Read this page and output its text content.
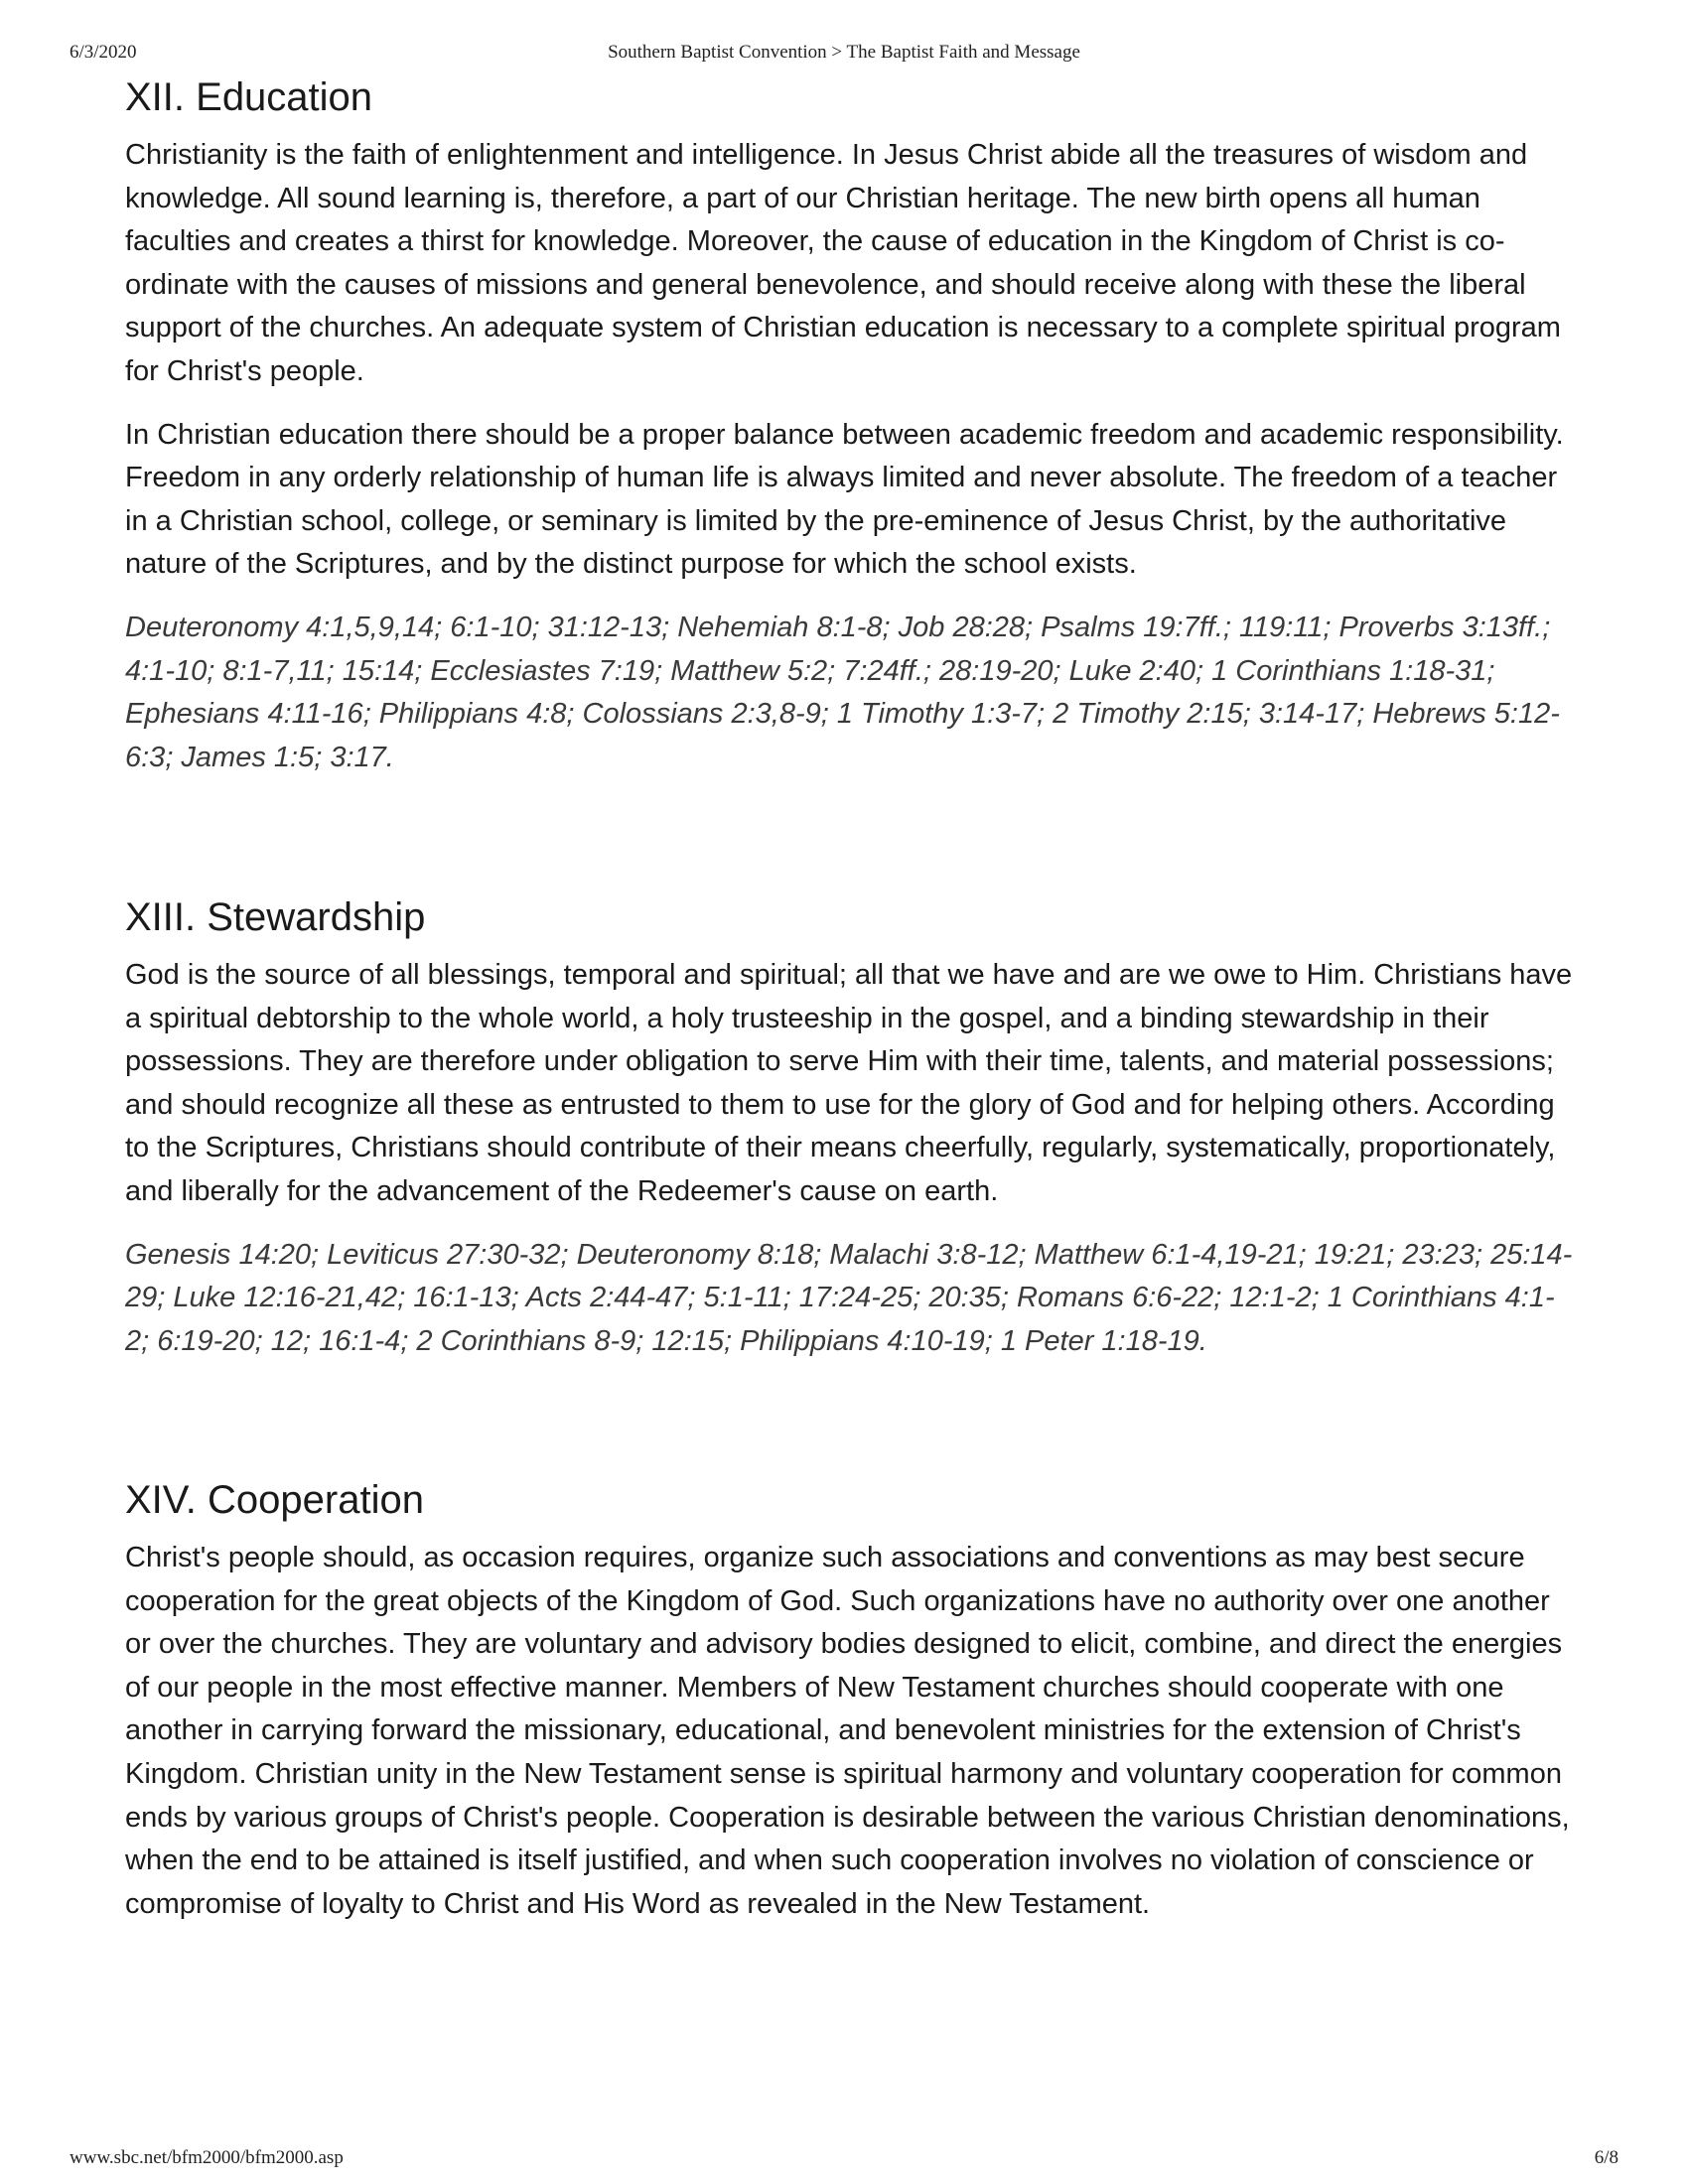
6/3/2020	Southern Baptist Convention > The Baptist Faith and Message
XII. Education

Christianity is the faith of enlightenment and intelligence. In Jesus Christ abide all the treasures of wisdom and knowledge. All sound learning is, therefore, a part of our Christian heritage. The new birth opens all human faculties and creates a thirst for knowledge. Moreover, the cause of education in the Kingdom of Christ is co-ordinate with the causes of missions and general benevolence, and should receive along with these the liberal support of the churches. An adequate system of Christian education is necessary to a complete spiritual program for Christ's people.

In Christian education there should be a proper balance between academic freedom and academic responsibility. Freedom in any orderly relationship of human life is always limited and never absolute. The freedom of a teacher in a Christian school, college, or seminary is limited by the pre-eminence of Jesus Christ, by the authoritative nature of the Scriptures, and by the distinct purpose for which the school exists.

Deuteronomy 4:1,5,9,14; 6:1-10; 31:12-13; Nehemiah 8:1-8; Job 28:28; Psalms 19:7ff.; 119:11; Proverbs 3:13ff.; 4:1-10; 8:1-7,11; 15:14; Ecclesiastes 7:19; Matthew 5:2; 7:24ff.; 28:19-20; Luke 2:40; 1 Corinthians 1:18-31; Ephesians 4:11-16; Philippians 4:8; Colossians 2:3,8-9; 1 Timothy 1:3-7; 2 Timothy 2:15; 3:14-17; Hebrews 5:12-6:3; James 1:5; 3:17.

XIII. Stewardship

God is the source of all blessings, temporal and spiritual; all that we have and are we owe to Him. Christians have a spiritual debtorship to the whole world, a holy trusteeship in the gospel, and a binding stewardship in their possessions. They are therefore under obligation to serve Him with their time, talents, and material possessions; and should recognize all these as entrusted to them to use for the glory of God and for helping others. According to the Scriptures, Christians should contribute of their means cheerfully, regularly, systematically, proportionately, and liberally for the advancement of the Redeemer's cause on earth.

Genesis 14:20; Leviticus 27:30-32; Deuteronomy 8:18; Malachi 3:8-12; Matthew 6:1-4,19-21; 19:21; 23:23; 25:14-29; Luke 12:16-21,42; 16:1-13; Acts 2:44-47; 5:1-11; 17:24-25; 20:35; Romans 6:6-22; 12:1-2; 1 Corinthians 4:1-2; 6:19-20; 12; 16:1-4; 2 Corinthians 8-9; 12:15; Philippians 4:10-19; 1 Peter 1:18-19.

XIV. Cooperation

Christ's people should, as occasion requires, organize such associations and conventions as may best secure cooperation for the great objects of the Kingdom of God. Such organizations have no authority over one another or over the churches. They are voluntary and advisory bodies designed to elicit, combine, and direct the energies of our people in the most effective manner. Members of New Testament churches should cooperate with one another in carrying forward the missionary, educational, and benevolent ministries for the extension of Christ's Kingdom. Christian unity in the New Testament sense is spiritual harmony and voluntary cooperation for common ends by various groups of Christ's people. Cooperation is desirable between the various Christian denominations, when the end to be attained is itself justified, and when such cooperation involves no violation of conscience or compromise of loyalty to Christ and His Word as revealed in the New Testament.

www.sbc.net/bfm2000/bfm2000.asp	6/8
